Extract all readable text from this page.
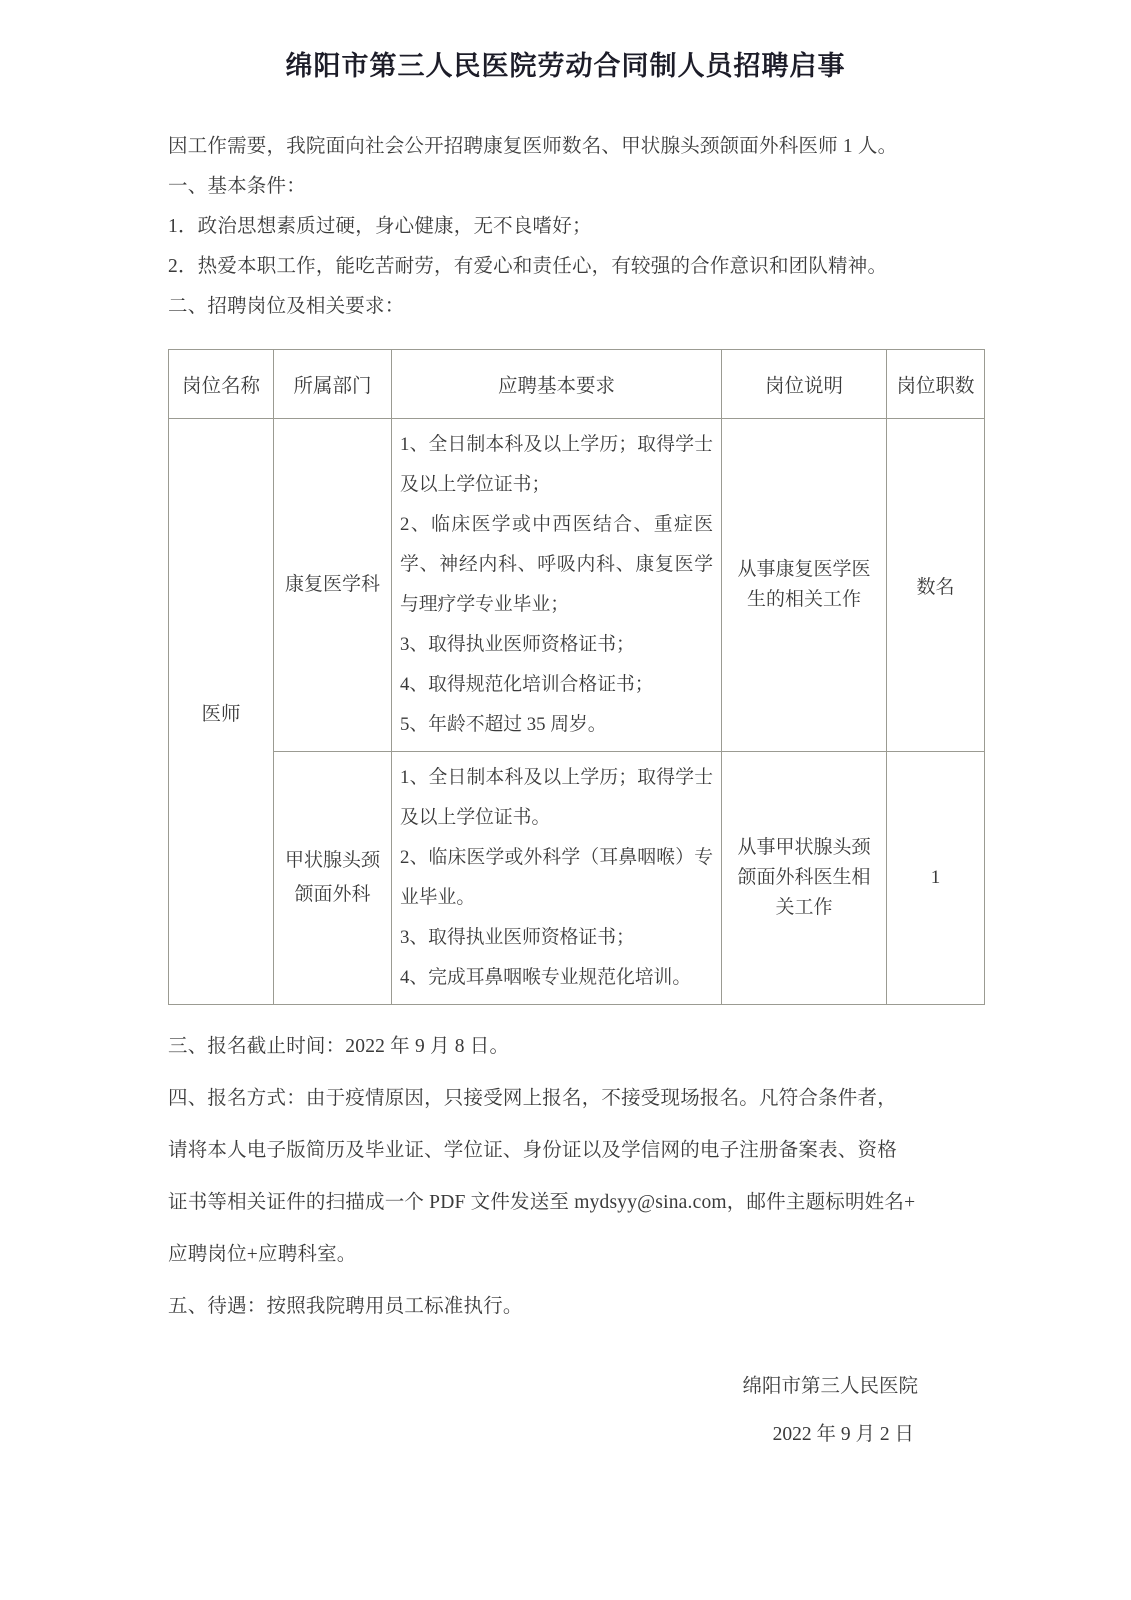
绵阳市第三人民医院劳动合同制人员招聘启事

因工作需要，我院面向社会公开招聘康复医师数名、甲状腺头颈颌面外科医师 1 人。

一、基本条件：

1．政治思想素质过硬，身心健康，无不良嗜好；

2．热爱本职工作，能吃苦耐劳，有爱心和责任心，有较强的合作意识和团队精神。

二、招聘岗位及相关要求：

岗位名称	所属部门	应聘基本要求	岗位说明	岗位职数
医师	康复医学科	1、全日制本科及以上学历；取得学士及以上学位证书；
2、临床医学或中西医结合、重症医学、神经内科、呼吸内科、康复医学与理疗学专业毕业；
3、取得执业医师资格证书；
4、取得规范化培训合格证书；
5、年龄不超过 35 周岁。	从事康复医学医生的相关工作	数名
	甲状腺头颈颌面外科	1、全日制本科及以上学历；取得学士及以上学位证书。
2、临床医学或外科学（耳鼻咽喉）专业毕业。
3、取得执业医师资格证书；
4、完成耳鼻咽喉专业规范化培训。	从事甲状腺头颈颌面外科医生相关工作	1

三、报名截止时间：2022 年 9 月 8 日。

四、报名方式：由于疫情原因，只接受网上报名，不接受现场报名。凡符合条件者，

请将本人电子版简历及毕业证、学位证、身份证以及学信网的电子注册备案表、资格

证书等相关证件的扫描成一个 PDF 文件发送至 mydsyy@sina.com，邮件主题标明姓名+

应聘岗位+应聘科室。

五、待遇：按照我院聘用员工标准执行。

绵阳市第三人民医院
2022 年 9 月 2 日
